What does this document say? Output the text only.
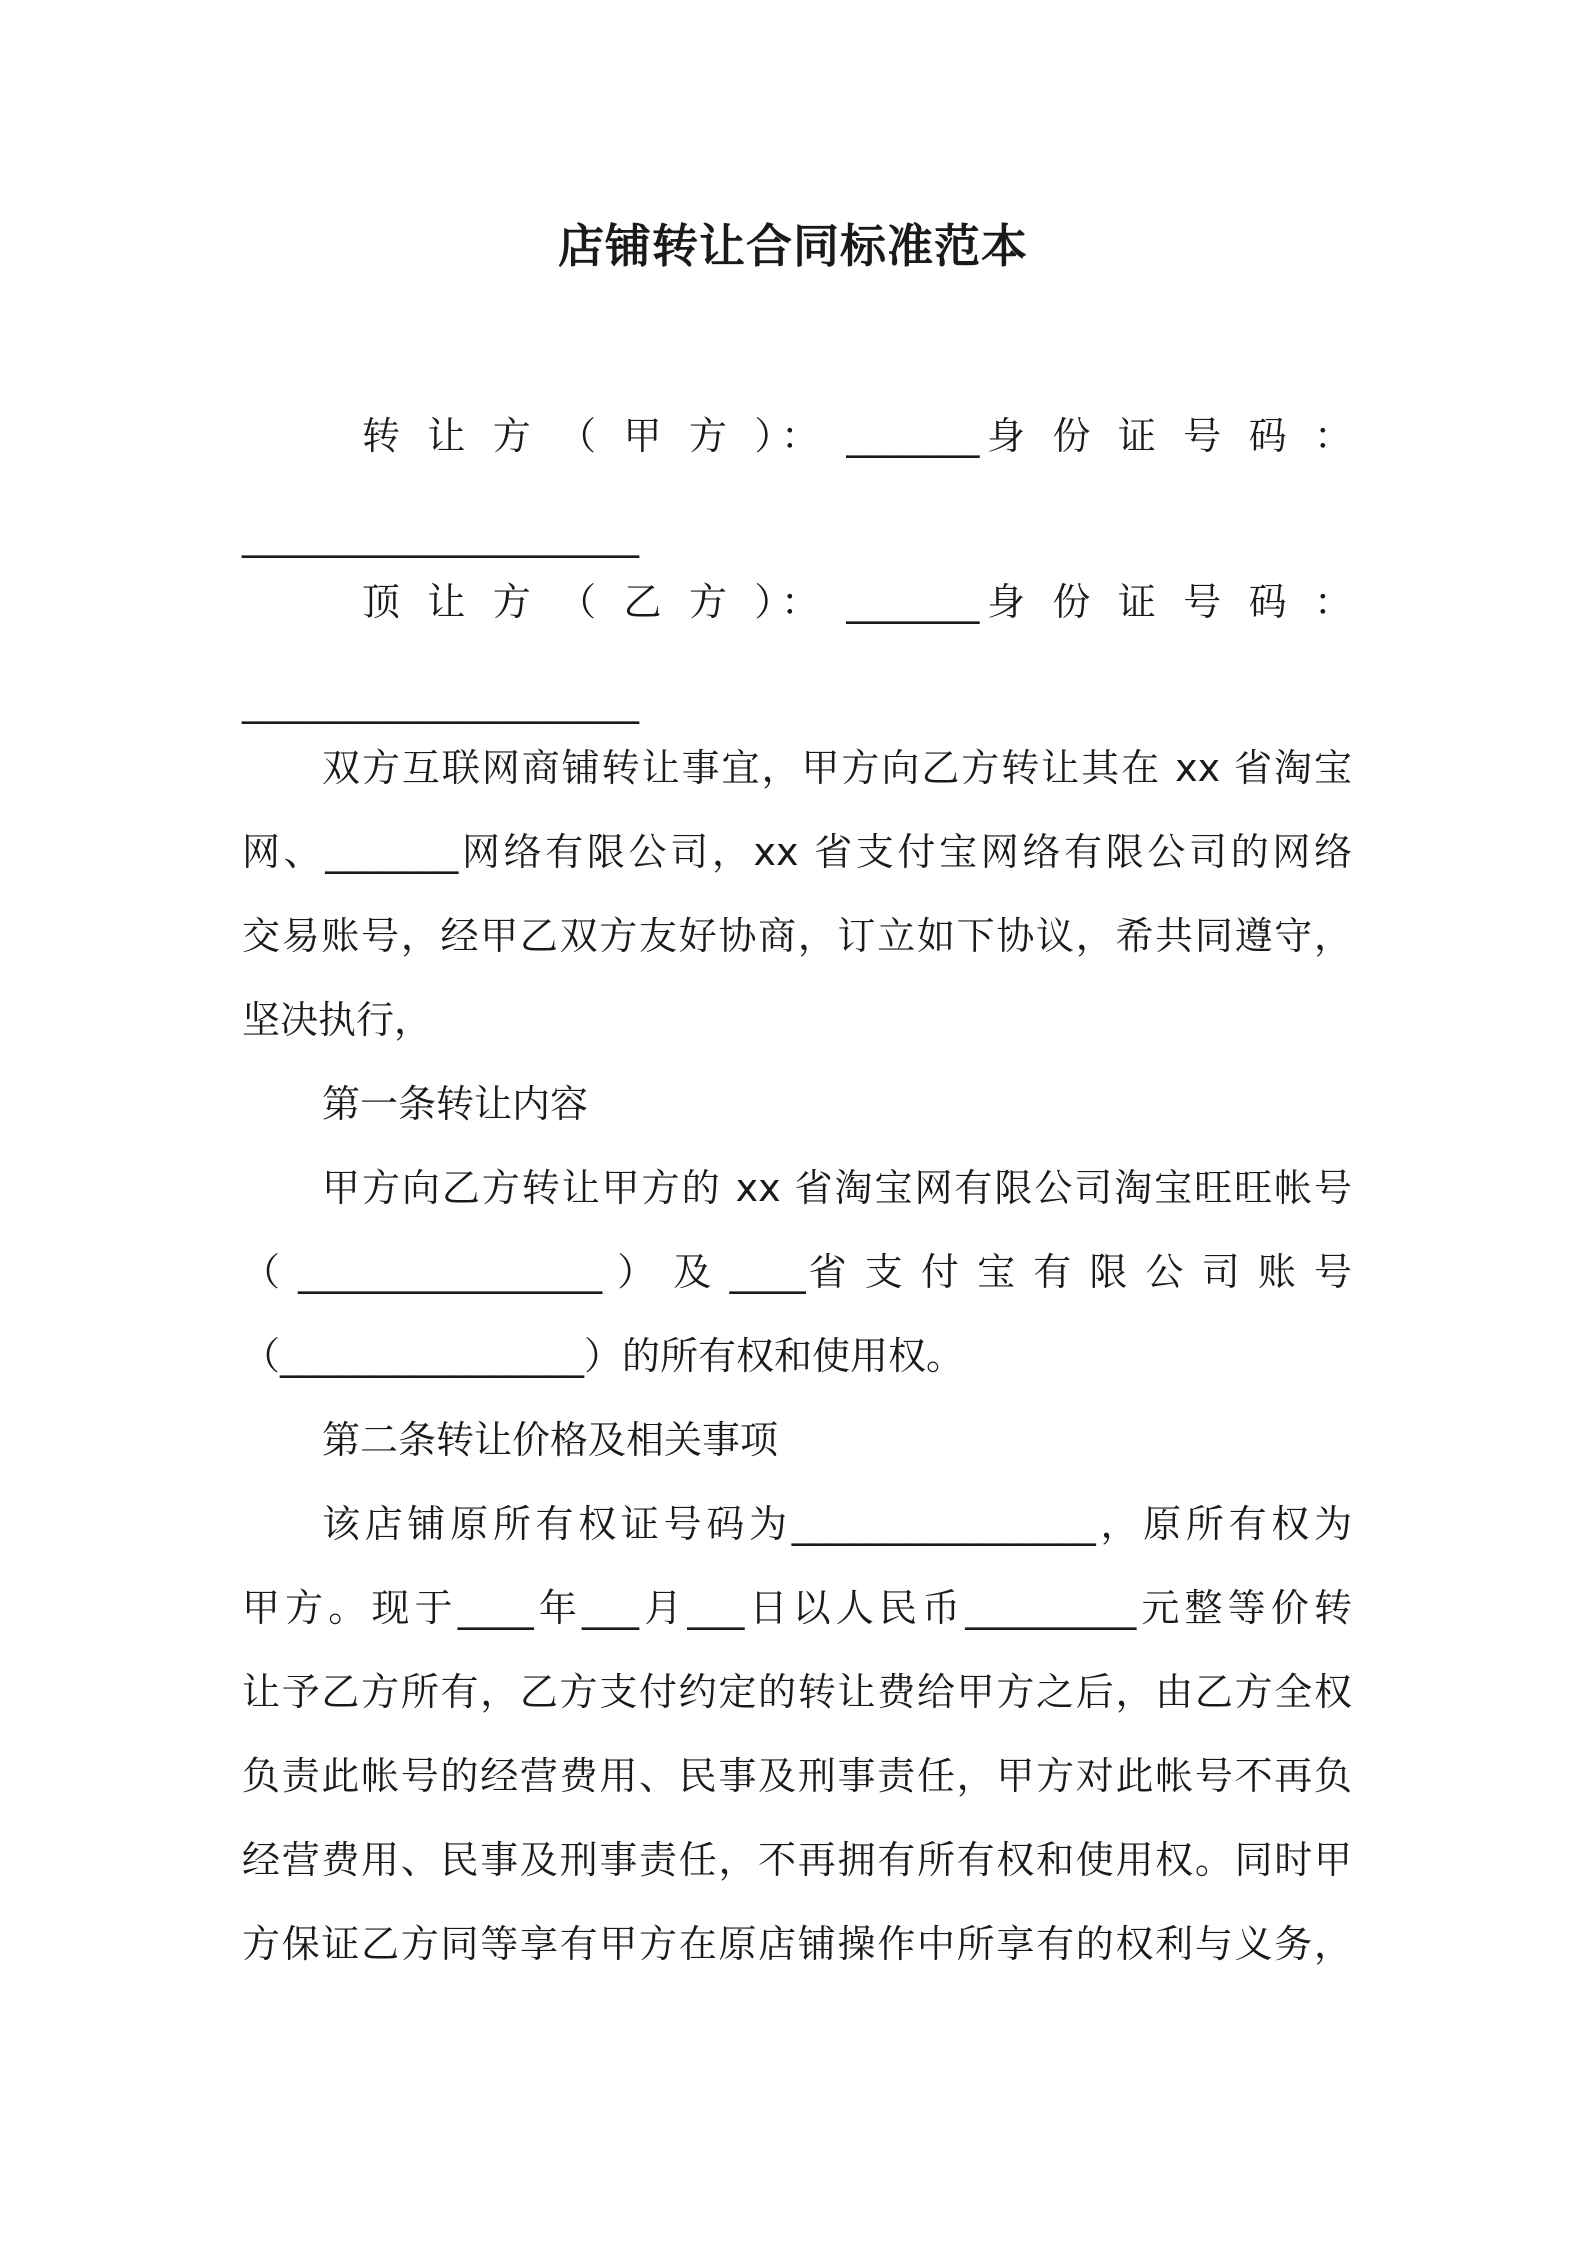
店铺转让合同标准范本

转 让 方 （ 甲 方 ）： _______身 份 证 号 码 ：

______________________

顶 让 方 （ 乙 方 ）： _______身 份 证 号 码 ：

______________________

双方互联网商铺转让事宜，甲方向乙方转让其在 xx 省淘宝

网、_______网络有限公司，xx 省支付宝网络有限公司的网络

交易账号，经甲乙双方友好协商，订立如下协议，希共同遵守，

坚决执行，

第一条转让内容

甲方向乙方转让甲方的 xx 省淘宝网有限公司淘宝旺旺帐号

（ ________________ ） 及 ____省 支 付 宝 有 限 公 司 账 号

（________________）的所有权和使用权。

第二条转让价格及相关事项

该店铺原所有权证号码为________________，原所有权为

甲方。现于____年___月___日以人民币_________元整等价转

让予乙方所有，乙方支付约定的转让费给甲方之后，由乙方全权

负责此帐号的经营费用、民事及刑事责任，甲方对此帐号不再负

经营费用、民事及刑事责任，不再拥有所有权和使用权。同时甲

方保证乙方同等享有甲方在原店铺操作中所享有的权利与义务，
